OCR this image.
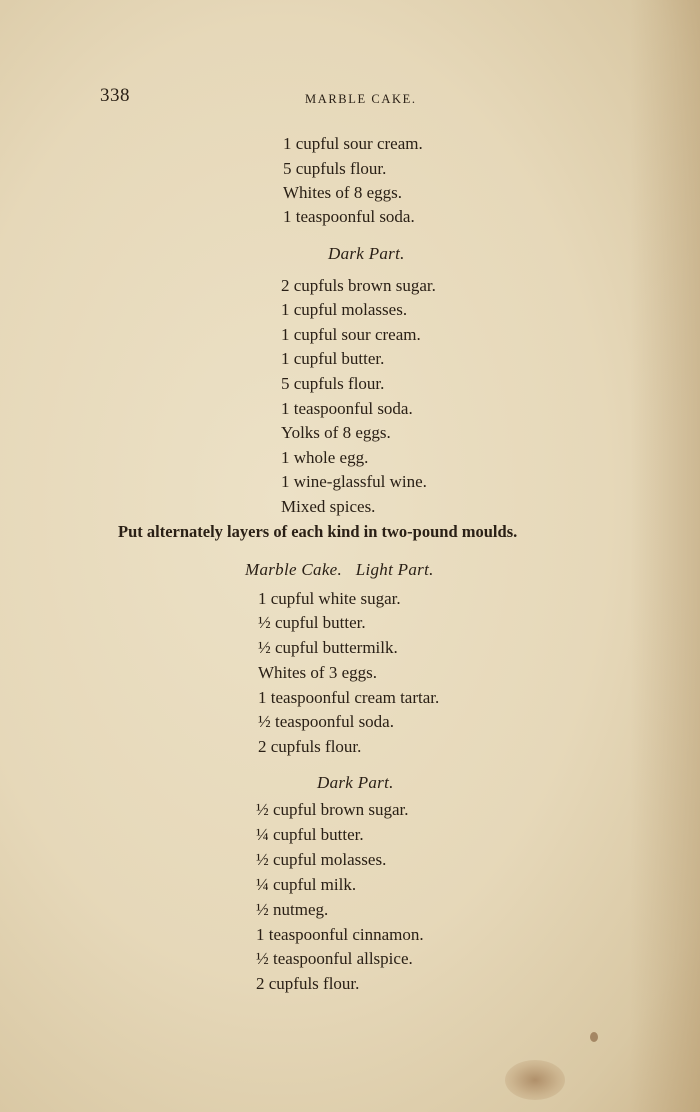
338	MARBLE CAKE.
1 cupful sour cream.
5 cupfuls flour.
Whites of 8 eggs.
1 teaspoonful soda.
Dark Part.
2 cupfuls brown sugar.
1 cupful molasses.
1 cupful sour cream.
1 cupful butter.
5 cupfuls flour.
1 teaspoonful soda.
Yolks of 8 eggs.
1 whole egg.
1 wine-glassful wine.
Mixed spices.
Put alternately layers of each kind in two-pound moulds.
Marble Cake.   Light Part.
1 cupful white sugar.
½ cupful butter.
½ cupful buttermilk.
Whites of 3 eggs.
1 teaspoonful cream tartar.
½ teaspoonful soda.
2 cupfuls flour.
Dark Part.
½ cupful brown sugar.
¼ cupful butter.
½ cupful molasses.
¼ cupful milk.
½ nutmeg.
1 teaspoonful cinnamon.
½ teaspoonful allspice.
2 cupfuls flour.
